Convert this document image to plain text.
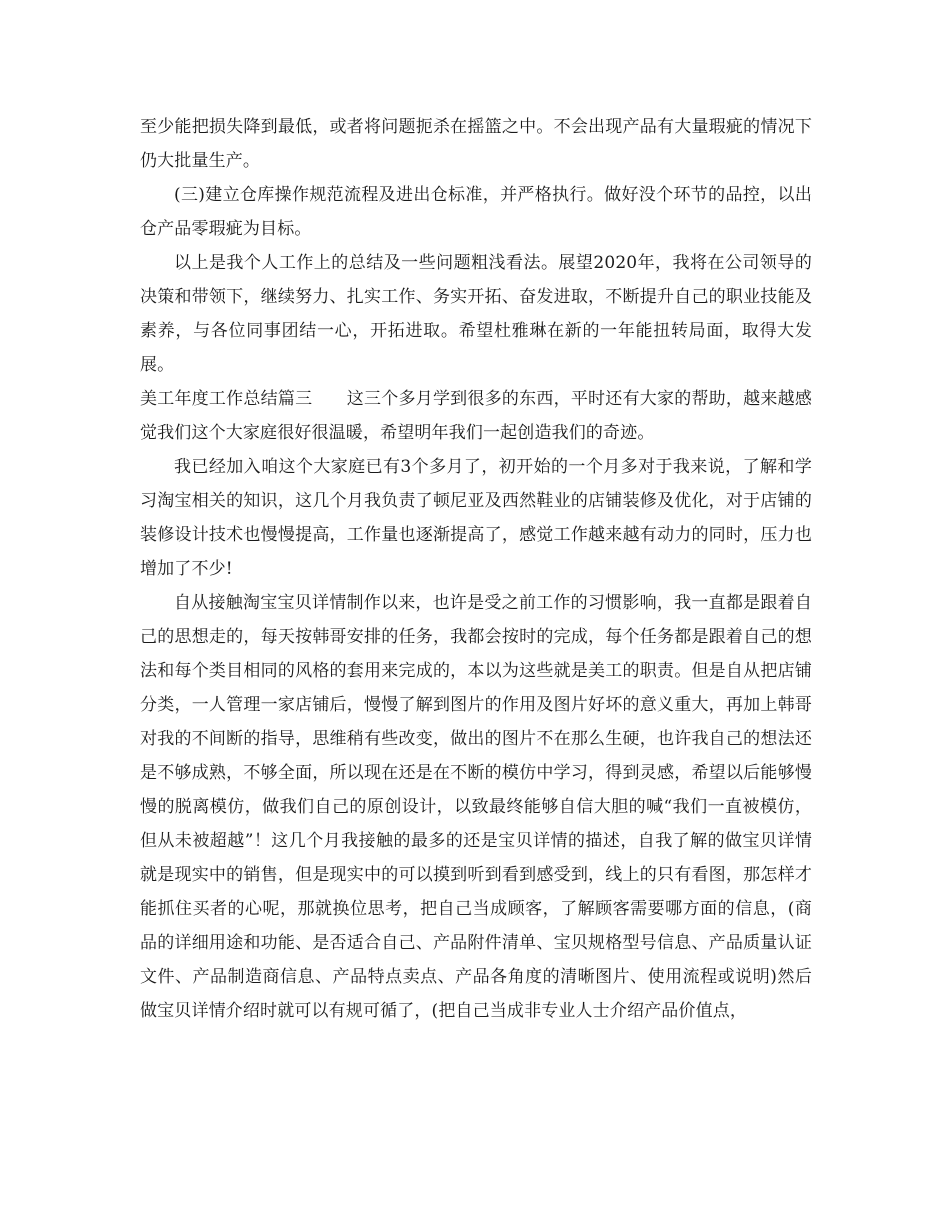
至少能把损失降到最低，或者将问题扼杀在摇篮之中。不会出现产品有大量瑕疵的情况下仍大批量生产。

(三)建立仓库操作规范流程及进出仓标准，并严格执行。做好没个环节的品控，以出仓产品零瑕疵为目标。

以上是我个人工作上的总结及一些问题粗浅看法。展望2020年，我将在公司领导的决策和带领下，继续努力、扎实工作、务实开拓、奋发进取，不断提升自己的职业技能及素养，与各位同事团结一心，开拓进取。希望杜雅琳在新的一年能扭转局面，取得大发展。

美工年度工作总结篇三　　这三个多月学到很多的东西，平时还有大家的帮助，越来越感觉我们这个大家庭很好很温暖，希望明年我们一起创造我们的奇迹。

我已经加入咱这个大家庭已有3个多月了，初开始的一个月多对于我来说，了解和学习淘宝相关的知识，这几个月我负责了顿尼亚及西然鞋业的店铺装修及优化，对于店铺的装修设计技术也慢慢提高，工作量也逐渐提高了，感觉工作越来越有动力的同时，压力也增加了不少!

自从接触淘宝宝贝详情制作以来，也许是受之前工作的习惯影响，我一直都是跟着自己的思想走的，每天按韩哥安排的任务，我都会按时的完成，每个任务都是跟着自己的想法和每个类目相同的风格的套用来完成的，本以为这些就是美工的职责。但是自从把店铺分类，一人管理一家店铺后，慢慢了解到图片的作用及图片好坏的意义重大，再加上韩哥对我的不间断的指导，思维稍有些改变，做出的图片不在那么生硬，也许我自己的想法还是不够成熟，不够全面，所以现在还是在不断的模仿中学习，得到灵感，希望以后能够慢慢的脱离模仿，做我们自己的原创设计，以致最终能够自信大胆的喊“我们一直被模仿，但从未被超越”！这几个月我接触的最多的还是宝贝详情的描述，自我了解的做宝贝详情就是现实中的销售，但是现实中的可以摸到听到看到感受到，线上的只有看图，那怎样才能抓住买者的心呢，那就换位思考，把自己当成顾客，了解顾客需要哪方面的信息，(商品的详细用途和功能、是否适合自己、产品附件清单、宝贝规格型号信息、产品质量认证文件、产品制造商信息、产品特点卖点、产品各角度的清晰图片、使用流程或说明)然后做宝贝详情介绍时就可以有规可循了，(把自己当成非专业人士介绍产品价值点，
